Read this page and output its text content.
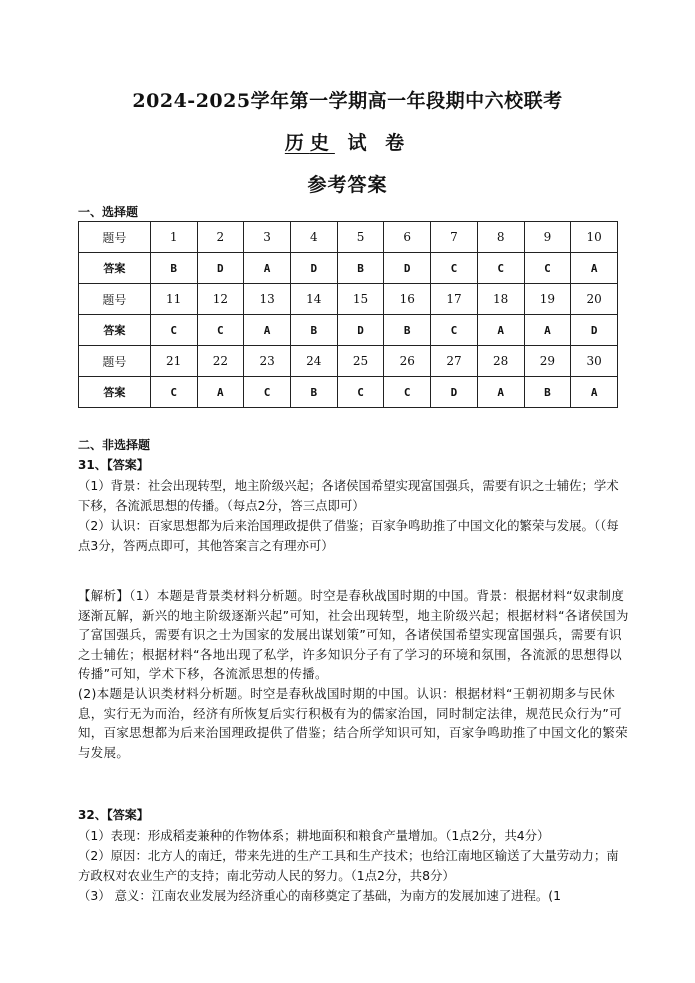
2024-2025学年第一学期高一年段期中六校联考
历史 试 卷
参考答案
一、选择题
题号	1	2	3	4	5	6	7	8	9	10
答案	B	D	A	D	B	D	C	C	C	A
题号	11	12	13	14	15	16	17	18	19	20
答案	C	C	A	B	D	B	C	A	A	D
题号	21	22	23	24	25	26	27	28	29	30
答案	C	A	C	B	C	C	D	A	B	A
二、非选择题
31、【答案】
（1）背景：社会出现转型，地主阶级兴起；各诸侯国希望实现富国强兵，需要有识之士辅佐；学术下移，各流派思想的传播。（每点2分，答三点即可）
（2）认识：百家思想都为后来治国理政提供了借鉴；百家争鸣助推了中国文化的繁荣与发展。（（每点3分，答两点即可，其他答案言之有理亦可）
【解析】（1）本题是背景类材料分析题。时空是春秋战国时期的中国。背景：根据材料“奴隶制度逐渐瓦解，新兴的地主阶级逐渐兴起”可知，社会出现转型，地主阶级兴起；根据材料“各诸侯国为了富国强兵，需要有识之士为国家的发展出谋划策”可知，各诸侯国希望实现富国强兵，需要有识之士辅佐；根据材料“各地出现了私学，许多知识分子有了学习的环境和氛围，各流派的思想得以传播”可知，学术下移，各流派思想的传播。
(2)本题是认识类材料分析题。时空是春秋战国时期的中国。认识：根据材料“王朝初期多与民休息，实行无为而治，经济有所恢复后实行积极有为的儒家治国，同时制定法律，规范民众行为”可知，百家思想都为后来治国理政提供了借鉴；结合所学知识可知，百家争鸣助推了中国文化的繁荣与发展。
32、【答案】
（1）表现：形成稻麦兼种的作物体系；耕地面积和粮食产量增加。（1点2分，共4分）
（2）原因：北方人的南迁，带来先进的生产工具和生产技术；也给江南地区输送了大量劳动力；南方政权对农业生产的支持；南北劳动人民的努力。（1点2分，共8分）
（3） 意义：江南农业发展为经济重心的南移奠定了基础，为南方的发展加速了进程。(1
